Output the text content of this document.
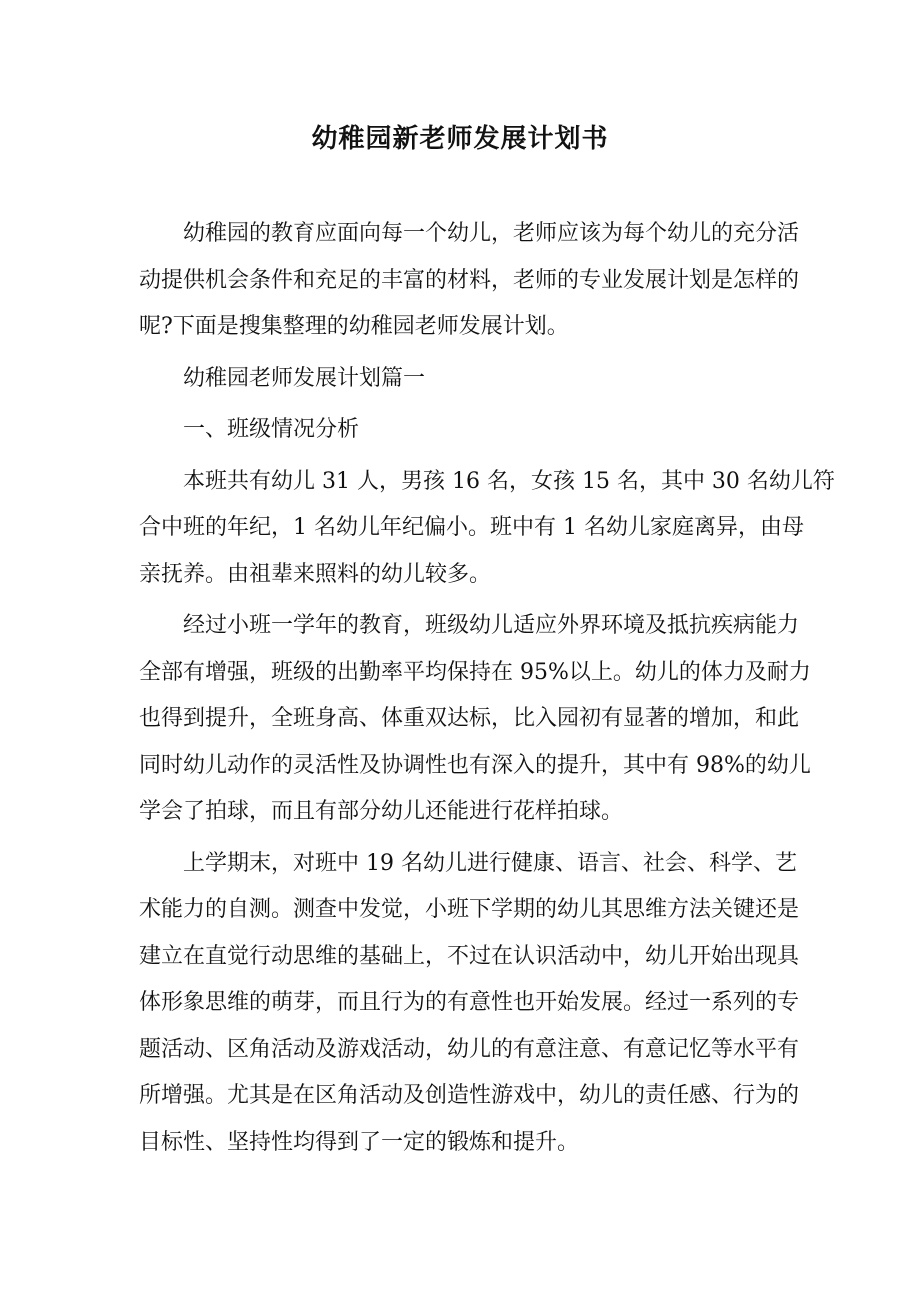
幼稚园新老师发展计划书
幼稚园的教育应面向每一个幼儿，老师应该为每个幼儿的充分活
动提供机会条件和充足的丰富的材料，老师的专业发展计划是怎样的
呢?下面是搜集整理的幼稚园老师发展计划。
幼稚园老师发展计划篇一
一、班级情况分析
本班共有幼儿 31 人，男孩 16 名，女孩 15 名，其中 30 名幼儿符
合中班的年纪，1 名幼儿年纪偏小。班中有 1 名幼儿家庭离异，由母
亲抚养。由祖辈来照料的幼儿较多。
经过小班一学年的教育，班级幼儿适应外界环境及抵抗疾病能力
全部有增强，班级的出勤率平均保持在 95%以上。幼儿的体力及耐力
也得到提升，全班身高、体重双达标，比入园初有显著的增加，和此
同时幼儿动作的灵活性及协调性也有深入的提升，其中有 98%的幼儿
学会了拍球，而且有部分幼儿还能进行花样拍球。
上学期末，对班中 19 名幼儿进行健康、语言、社会、科学、艺
术能力的自测。测查中发觉，小班下学期的幼儿其思维方法关键还是
建立在直觉行动思维的基础上，不过在认识活动中，幼儿开始出现具
体形象思维的萌芽，而且行为的有意性也开始发展。经过一系列的专
题活动、区角活动及游戏活动，幼儿的有意注意、有意记忆等水平有
所增强。尤其是在区角活动及创造性游戏中，幼儿的责任感、行为的
目标性、坚持性均得到了一定的锻炼和提升。
